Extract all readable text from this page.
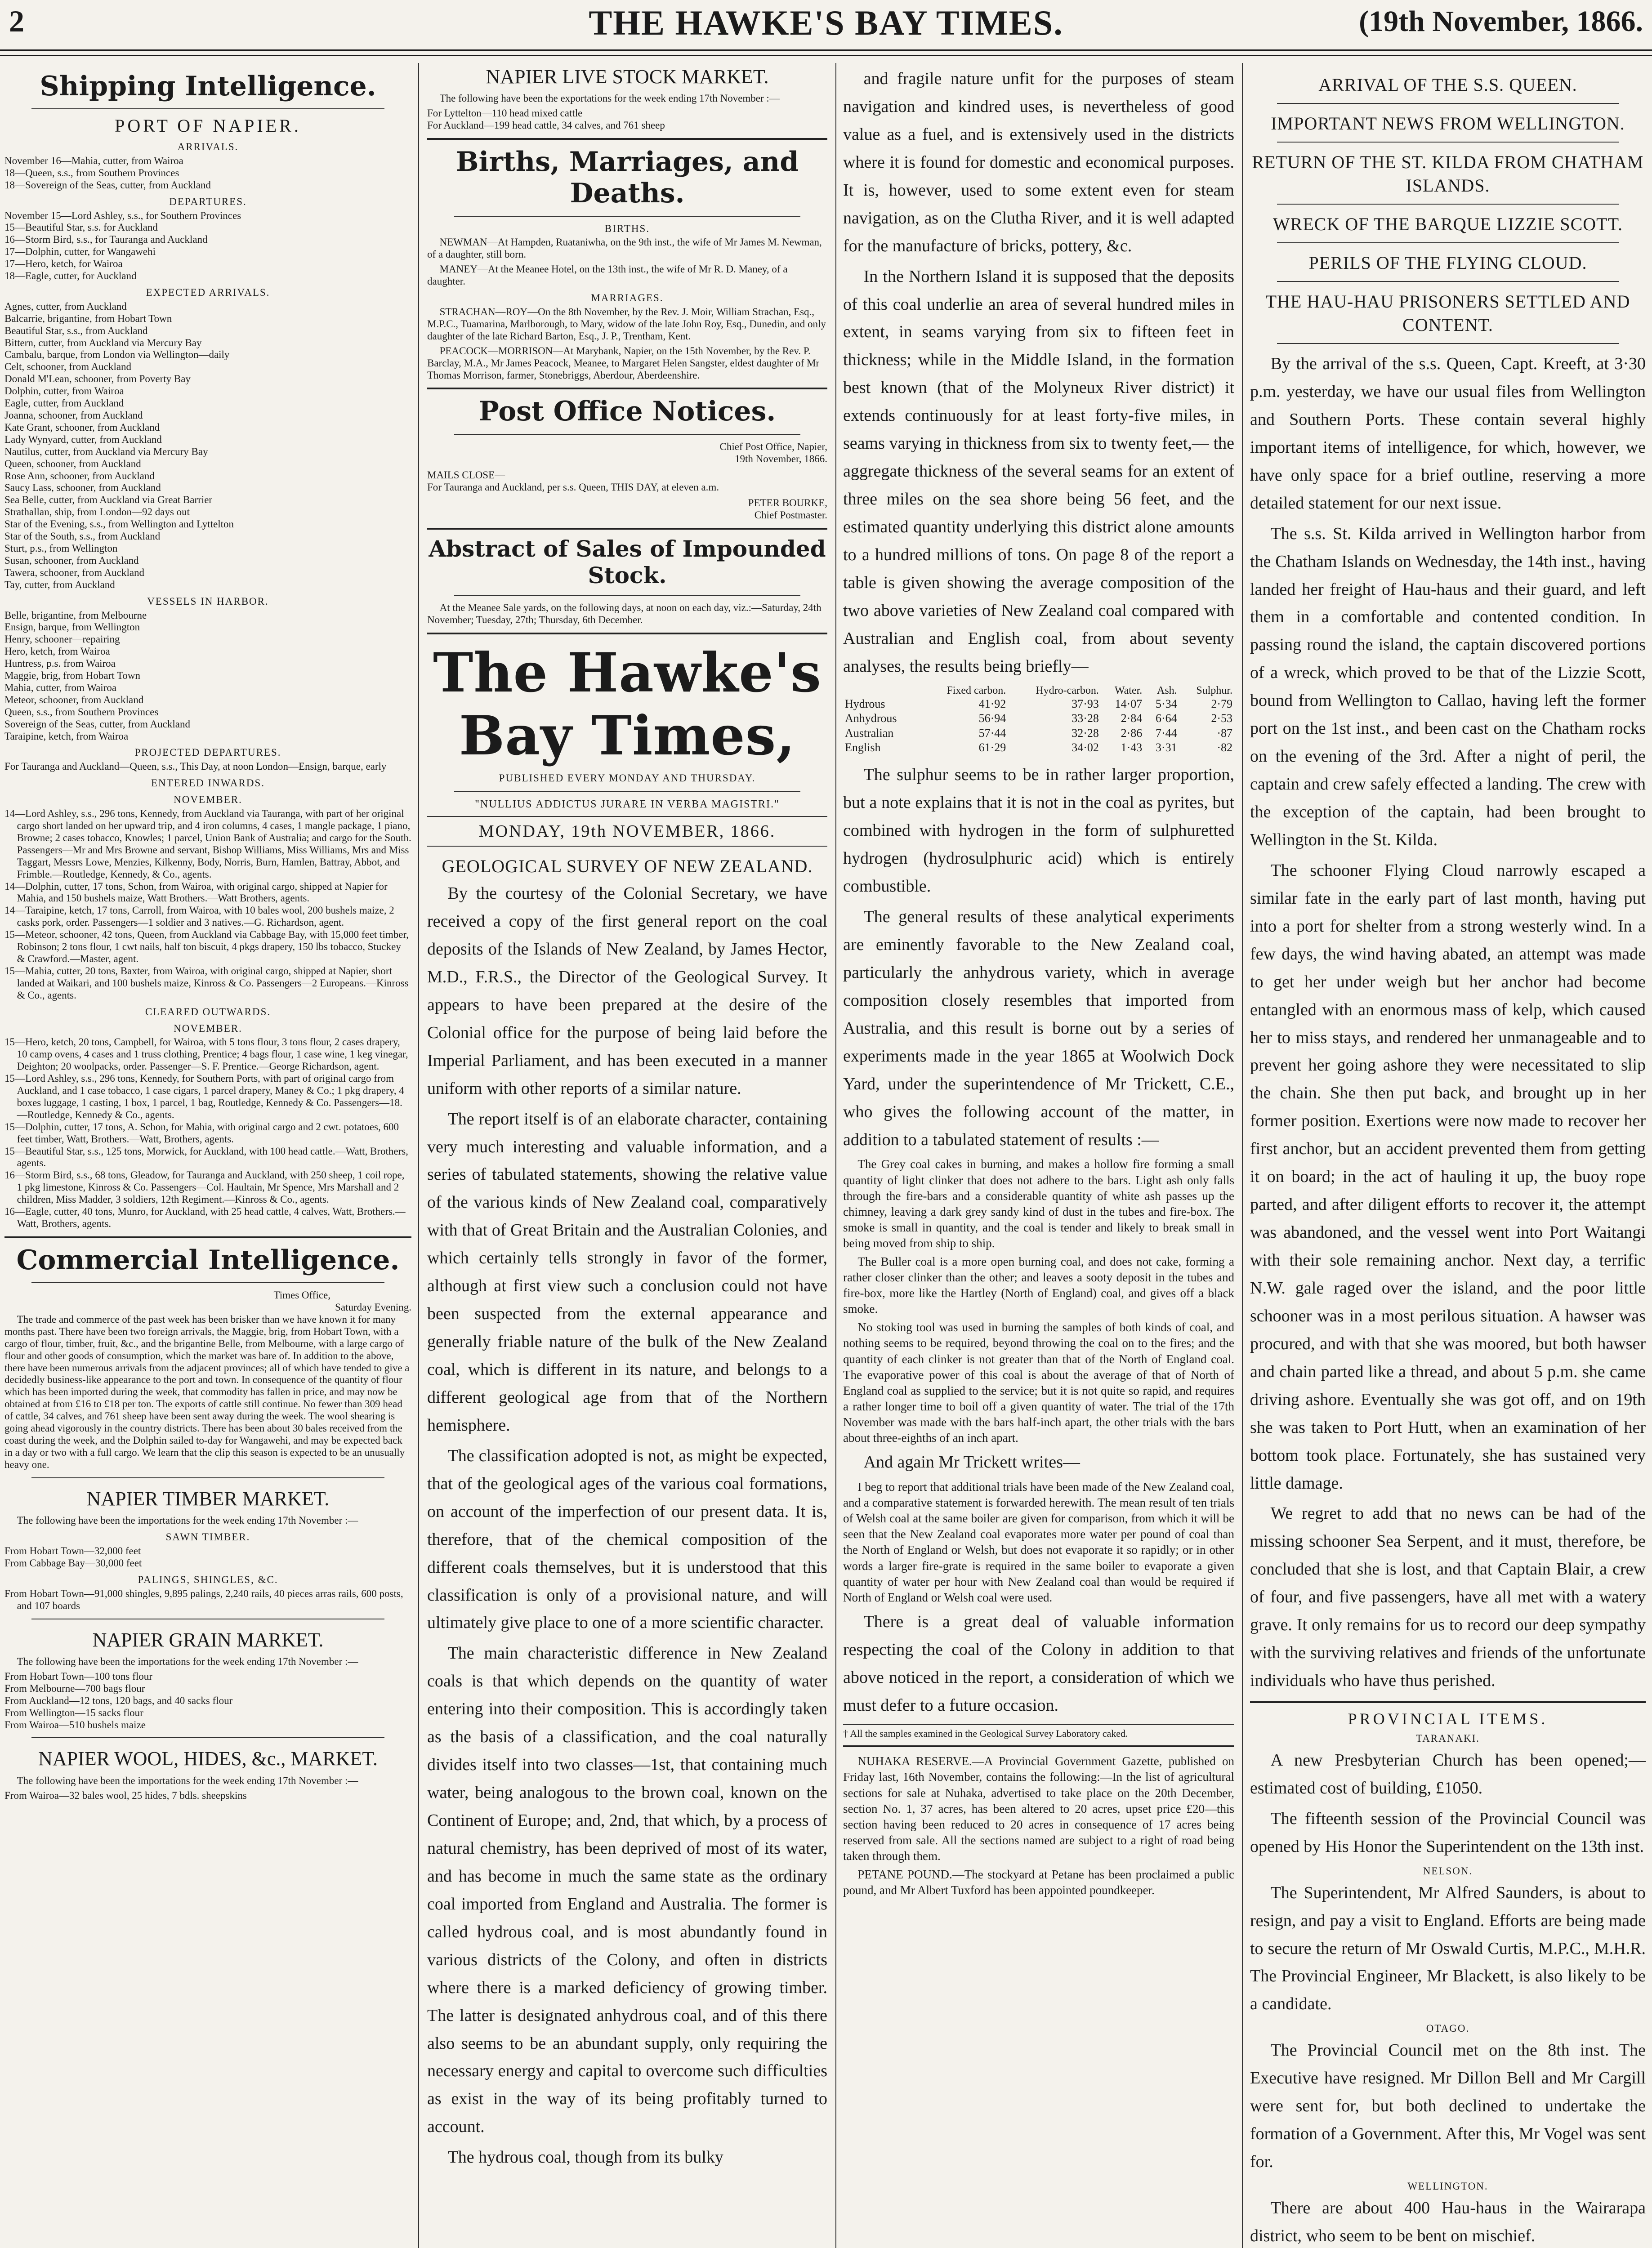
2	THE HAWKE'S BAY TIMES.	(19th November, 1866.
Shipping Intelligence.
PORT OF NAPIER.
ARRIVALS.
November 16—Mahia, cutter, from Wairoa
18—Queen, s.s., from Southern Provinces
18—Sovereign of the Seas, cutter, from Auckland
DEPARTURES.
November 15—Lord Ashley, s.s., for Southern Provinces
15—Beautiful Star, s.s. for Auckland
16—Storm Bird, s.s., for Tauranga and Auckland
17—Dolphin, cutter, for Wangawehi
17—Hero, ketch, for Wairoa
18—Eagle, cutter, for Auckland
EXPECTED ARRIVALS.
Agnes, cutter, from Auckland
Balcarrie, brigantine, from Hobart Town
Beautiful Star, s.s., from Auckland
Bittern, cutter, from Auckland via Mercury Bay
Cambalu, barque, from London via Wellington—daily
Celt, schooner, from Auckland
Donald M'Lean, schooner, from Poverty Bay
Dolphin, cutter, from Wairoa
Eagle, cutter, from Auckland
Joanna, schooner, from Auckland
Kate Grant, schooner, from Auckland
Lady Wynyard, cutter, from Auckland
Nautilus, cutter, from Auckland via Mercury Bay
Queen, schooner, from Auckland
Rose Ann, schooner, from Auckland
Saucy Lass, schooner, from Auckland
Sea Belle, cutter, from Auckland via Great Barrier
Strathallan, ship, from London—92 days out
Star of the Evening, s.s., from Wellington and Lyttelton
Star of the South, s.s., from Auckland
Sturt, p.s., from Wellington
Susan, schooner, from Auckland
Tawera, schooner, from Auckland
Tay, cutter, from Auckland
VESSELS IN HARBOR.
Belle, brigantine, from Melbourne
Ensign, barque, from Wellington
Henry, schooner—repairing
Hero, ketch, from Wairoa
Huntress, p.s. from Wairoa
Maggie, brig, from Hobart Town
Mahia, cutter, from Wairoa
Meteor, schooner, from Auckland
Queen, s.s., from Southern Provinces
Sovereign of the Seas, cutter, from Auckland
Taraipine, ketch, from Wairoa
PROJECTED DEPARTURES.
For Tauranga and Auckland—Queen, s.s., This Day, at noon London—Ensign, barque, early
ENTERED INWARDS.
NOVEMBER.
14—Lord Ashley, s.s., 296 tons, Kennedy, from Auckland via Tauranga, with part of her original cargo short landed on her upward trip, and 4 iron columns, 4 cases, 1 mangle package, 1 piano, Browne; 2 cases tobacco, Knowles; 1 parcel, Union Bank of Australia; and cargo for the South. Passengers—Mr and Mrs Browne and servant, Bishop Williams, Miss Williams, Mrs and Miss Taggart, Messrs Lowe, Menzies, Kilkenny, Body, Norris, Burn, Hamlen, Battray, Abbot, and Frimble.—Routledge, Kennedy, & Co., agents.
14—Dolphin, cutter, 17 tons, Schon, from Wairoa, with original cargo, shipped at Napier for Mahia, and 150 bushels maize, Watt Brothers.—Watt Brothers, agents.
14—Taraipine, ketch, 17 tons, Carroll, from Wairoa, with 10 bales wool, 200 bushels maize, 2 casks pork, order. Passengers—1 soldier and 3 natives.—G. Richardson, agent.
15—Meteor, schooner, 42 tons, Queen, from Auckland via Cabbage Bay, with 15,000 feet timber, Robinson; 2 tons flour, 1 cwt nails, half ton biscuit, 4 pkgs drapery, 150 lbs tobacco, Stuckey & Crawford.—Master, agent.
15—Mahia, cutter, 20 tons, Baxter, from Wairoa, with original cargo, shipped at Napier, short landed at Waikari, and 100 bushels maize, Kinross & Co. Passengers—2 Europeans.—Kinross & Co., agents.
CLEARED OUTWARDS.
NOVEMBER.
15—Hero, ketch, 20 tons, Campbell, for Wairoa, with 5 tons flour, 3 tons flour, 2 cases drapery, 10 camp ovens, 4 cases and 1 truss clothing, Prentice; 4 bags flour, 1 case wine, 1 keg vinegar, Deighton; 20 woolpacks, order. Passenger—S. F. Prentice.—George Richardson, agent.
15—Lord Ashley, s.s., 296 tons, Kennedy, for Southern Ports, with part of original cargo from Auckland, and 1 case tobacco, 1 case cigars, 1 parcel drapery, Maney & Co.; 1 pkg drapery, 4 boxes luggage, 1 casting, 1 box, 1 parcel, 1 bag, Routledge, Kennedy & Co. Passengers—18.—Routledge, Kennedy & Co., agents.
15—Dolphin, cutter, 17 tons, A. Schon, for Mahia, with original cargo and 2 cwt. potatoes, 600 feet timber, Watt, Brothers.—Watt, Brothers, agents.
15—Beautiful Star, s.s., 125 tons, Morwick, for Auckland, with 100 head cattle.—Watt, Brothers, agents.
16—Storm Bird, s.s., 68 tons, Gleadow, for Tauranga and Auckland, with 250 sheep, 1 coil rope, 1 pkg limestone, Kinross & Co. Passengers—Col. Haultain, Mr Spence, Mrs Marshall and 2 children, Miss Madder, 3 soldiers, 12th Regiment.—Kinross & Co., agents.
16—Eagle, cutter, 40 tons, Munro, for Auckland, with 25 head cattle, 4 calves, Watt, Brothers.—Watt, Brothers, agents.
Commercial Intelligence.
Times Office,
Saturday Evening.

The trade and commerce of the past week has been brisker than we have known it for many months past. There have been two foreign arrivals, the Maggie, brig, from Hobart Town, with a cargo of flour, timber, fruit, &c., and the brigantine Belle, from Melbourne, with a large cargo of flour and other goods of consumption, which the market was bare of. In addition to the above, there have been numerous arrivals from the adjacent provinces; all of which have tended to give a decidedly business-like appearance to the port and town. In consequence of the quantity of flour which has been imported during the week, that commodity has fallen in price, and may now be obtained at from £16 to £18 per ton. The exports of cattle still continue. No fewer than 309 head of cattle, 34 calves, and 761 sheep have been sent away during the week. The wool shearing is going ahead vigorously in the country districts. There has been about 30 bales received from the coast during the week, and the Dolphin sailed to-day for Wangawehi, and may be expected back in a day or two with a full cargo. We learn that the clip this season is expected to be an unusually heavy one.

NAPIER TIMBER MARKET.

The following have been the importations for the week ending 17th November :—

SAWN TIMBER.
From Hobart Town—32,000 feet
From Cabbage Bay—30,000 feet
PALINGS, SHINGLES, &C.
From Hobart Town—91,000 shingles, 9,895 palings, 2,240 rails, 40 pieces arras rails, 600 posts, and 107 boards
NAPIER GRAIN MARKET.

The following have been the importations for the week ending 17th November :—

From Hobart Town—100 tons flour
From Melbourne—700 bags flour
From Auckland—12 tons, 120 bags, and 40 sacks flour
From Wellington—15 sacks flour
From Wairoa—510 bushels maize
NAPIER WOOL, HIDES, &c., MARKET.

The following have been the importations for the week ending 17th November :—

From Wairoa—32 bales wool, 25 hides, 7 bdls. sheepskins
NAPIER LIVE STOCK MARKET.

The following have been the exportations for the week ending 17th November :—

For Lyttelton—110 head mixed cattle
For Auckland—199 head cattle, 34 calves, and 761 sheep
Births, Marriages, and Deaths.
BIRTHS.

NEWMAN—At Hampden, Ruataniwha, on the 9th inst., the wife of Mr James M. Newman, of a daughter, still born.

MANEY—At the Meanee Hotel, on the 13th inst., the wife of Mr R. D. Maney, of a daughter.

MARRIAGES.

STRACHAN—ROY—On the 8th November, by the Rev. J. Moir, William Strachan, Esq., M.P.C., Tuamarina, Marlborough, to Mary, widow of the late John Roy, Esq., Dunedin, and only daughter of the late Richard Barton, Esq., J. P., Trentham, Kent.

PEACOCK—MORRISON—At Marybank, Napier, on the 15th November, by the Rev. P. Barclay, M.A., Mr James Peacock, Meanee, to Margaret Helen Sangster, eldest daughter of Mr Thomas Morrison, farmer, Stonebriggs, Aberdour, Aberdeenshire.

Post Office Notices.
Chief Post Office, Napier,
19th November, 1866.
MAILS CLOSE—
For Tauranga and Auckland, per s.s. Queen, THIS DAY, at eleven a.m.
PETER BOURKE,
Chief Postmaster.
Abstract of Sales of Impounded Stock.

At the Meanee Sale yards, on the following days, at noon on each day, viz.:—Saturday, 24th November; Tuesday, 27th; Thursday, 6th December.

The Hawke's Bay Times,
PUBLISHED EVERY MONDAY AND THURSDAY.
"NULLIUS ADDICTUS JURARE IN VERBA MAGISTRI."
MONDAY, 19th NOVEMBER, 1866.
GEOLOGICAL SURVEY OF NEW ZEALAND.

By the courtesy of the Colonial Secretary, we have received a copy of the first general report on the coal deposits of the Islands of New Zealand, by James Hector, M.D., F.R.S., the Director of the Geological Survey. It appears to have been prepared at the desire of the Colonial office for the purpose of being laid before the Imperial Parliament, and has been executed in a manner uniform with other reports of a similar nature.

The report itself is of an elaborate character, containing very much interesting and valuable information, and a series of tabulated statements, showing the relative value of the various kinds of New Zealand coal, comparatively with that of Great Britain and the Australian Colonies, and which certainly tells strongly in favor of the former, although at first view such a conclusion could not have been suspected from the external appearance and generally friable nature of the bulk of the New Zealand coal, which is different in its nature, and belongs to a different geological age from that of the Northern hemisphere.

The classification adopted is not, as might be expected, that of the geological ages of the various coal formations, on account of the imperfection of our present data. It is, therefore, that of the chemical composition of the different coals themselves, but it is understood that this classification is only of a provisional nature, and will ultimately give place to one of a more scientific character.

The main characteristic difference in New Zealand coals is that which depends on the quantity of water entering into their composition. This is accordingly taken as the basis of a classification, and the coal naturally divides itself into two classes—1st, that containing much water, being analogous to the brown coal, known on the Continent of Europe; and, 2nd, that which, by a process of natural chemistry, has been deprived of most of its water, and has become in much the same state as the ordinary coal imported from England and Australia. The former is called hydrous coal, and is most abundantly found in various districts of the Colony, and often in districts where there is a marked deficiency of growing timber. The latter is designated anhydrous coal, and of this there also seems to be an abundant supply, only requiring the necessary energy and capital to overcome such difficulties as exist in the way of its being profitably turned to account.

The hydrous coal, though from its bulky

and fragile nature unfit for the purposes of steam navigation and kindred uses, is nevertheless of good value as a fuel, and is extensively used in the districts where it is found for domestic and economical purposes. It is, however, used to some extent even for steam navigation, as on the Clutha River, and it is well adapted for the manufacture of bricks, pottery, &c.

In the Northern Island it is supposed that the deposits of this coal underlie an area of several hundred miles in extent, in seams varying from six to fifteen feet in thickness; while in the Middle Island, in the formation best known (that of the Molyneux River district) it extends continuously for at least forty-five miles, in seams varying in thickness from six to twenty feet,— the aggregate thickness of the several seams for an extent of three miles on the sea shore being 56 feet, and the estimated quantity underlying this district alone amounts to a hundred millions of tons. On page 8 of the report a table is given showing the average composition of the two above varieties of New Zealand coal compared with Australian and English coal, from about seventy analyses, the results being briefly—

	Fixed carbon.	Hydro-carbon.	Water.	Ash.	Sulphur.
Hydrous	41·92	37·93	14·07	5·34	2·79
Anhydrous	56·94	33·28	2·84	6·64	2·53
Australian	57·44	32·28	2·86	7·44	·87
English	61·29	34·02	1·43	3·31	·82

The sulphur seems to be in rather larger proportion, but a note explains that it is not in the coal as pyrites, but combined with hydrogen in the form of sulphuretted hydrogen (hydrosulphuric acid) which is entirely combustible.

The general results of these analytical experiments are eminently favorable to the New Zealand coal, particularly the anhydrous variety, which in average composition closely resembles that imported from Australia, and this result is borne out by a series of experiments made in the year 1865 at Woolwich Dock Yard, under the superintendence of Mr Trickett, C.E., who gives the following account of the matter, in addition to a tabulated statement of results :—

The Grey coal cakes in burning, and makes a hollow fire forming a small quantity of light clinker that does not adhere to the bars. Light ash only falls through the fire-bars and a considerable quantity of white ash passes up the chimney, leaving a dark grey sandy kind of dust in the tubes and fire-box. The smoke is small in quantity, and the coal is tender and likely to break small in being moved from ship to ship.

The Buller coal is a more open burning coal, and does not cake, forming a rather closer clinker than the other; and leaves a sooty deposit in the tubes and fire-box, more like the Hartley (North of England) coal, and gives off a black smoke.

No stoking tool was used in burning the samples of both kinds of coal, and nothing seems to be required, beyond throwing the coal on to the fires; and the quantity of each clinker is not greater than that of the North of England coal. The evaporative power of this coal is about the average of that of North of England coal as supplied to the service; but it is not quite so rapid, and requires a rather longer time to boil off a given quantity of water. The trial of the 17th November was made with the bars half-inch apart, the other trials with the bars about three-eighths of an inch apart.

And again Mr Trickett writes—

I beg to report that additional trials have been made of the New Zealand coal, and a comparative statement is forwarded herewith. The mean result of ten trials of Welsh coal at the same boiler are given for comparison, from which it will be seen that the New Zealand coal evaporates more water per pound of coal than the North of England or Welsh, but does not evaporate it so rapidly; or in other words a larger fire-grate is required in the same boiler to evaporate a given quantity of water per hour with New Zealand coal than would be required if North of England or Welsh coal were used.

There is a great deal of valuable information respecting the coal of the Colony in addition to that above noticed in the report, a consideration of which we must defer to a future occasion.

† All the samples examined in the Geological Survey Laboratory caked.

NUHAKA RESERVE.—A Provincial Government Gazette, published on Friday last, 16th November, contains the following:—In the list of agricultural sections for sale at Nuhaka, advertised to take place on the 20th December, section No. 1, 37 acres, has been altered to 20 acres, upset price £20—this section having been reduced to 20 acres in consequence of 17 acres being reserved from sale. All the sections named are subject to a right of road being taken through them.

PETANE POUND.—The stockyard at Petane has been proclaimed a public pound, and Mr Albert Tuxford has been appointed poundkeeper.

ARRIVAL OF THE S.S. QUEEN.
IMPORTANT NEWS FROM WELLINGTON.
RETURN OF THE ST. KILDA FROM CHATHAM ISLANDS.
WRECK OF THE BARQUE LIZZIE SCOTT.
PERILS OF THE FLYING CLOUD.
THE HAU-HAU PRISONERS SETTLED AND CONTENT.

By the arrival of the s.s. Queen, Capt. Kreeft, at 3·30 p.m. yesterday, we have our usual files from Wellington and Southern Ports. These contain several highly important items of intelligence, for which, however, we have only space for a brief outline, reserving a more detailed statement for our next issue.

The s.s. St. Kilda arrived in Wellington harbor from the Chatham Islands on Wednesday, the 14th inst., having landed her freight of Hau-haus and their guard, and left them in a comfortable and contented condition. In passing round the island, the captain discovered portions of a wreck, which proved to be that of the Lizzie Scott, bound from Wellington to Callao, having left the former port on the 1st inst., and been cast on the Chatham rocks on the evening of the 3rd. After a night of peril, the captain and crew safely effected a landing. The crew with the exception of the captain, had been brought to Wellington in the St. Kilda.

The schooner Flying Cloud narrowly escaped a similar fate in the early part of last month, having put into a port for shelter from a strong westerly wind. In a few days, the wind having abated, an attempt was made to get her under weigh but her anchor had become entangled with an enormous mass of kelp, which caused her to miss stays, and rendered her unmanageable and to prevent her going ashore they were necessitated to slip the chain. She then put back, and brought up in her former position. Exertions were now made to recover her first anchor, but an accident prevented them from getting it on board; in the act of hauling it up, the buoy rope parted, and after diligent efforts to recover it, the attempt was abandoned, and the vessel went into Port Waitangi with their sole remaining anchor. Next day, a terrific N.W. gale raged over the island, and the poor little schooner was in a most perilous situation. A hawser was procured, and with that she was moored, but both hawser and chain parted like a thread, and about 5 p.m. she came driving ashore. Eventually she was got off, and on 19th she was taken to Port Hutt, when an examination of her bottom took place. Fortunately, she has sustained very little damage.

We regret to add that no news can be had of the missing schooner Sea Serpent, and it must, therefore, be concluded that she is lost, and that Captain Blair, a crew of four, and five passengers, have all met with a watery grave. It only remains for us to record our deep sympathy with the surviving relatives and friends of the unfortunate individuals who have thus perished.

PROVINCIAL ITEMS.
TARANAKI.

A new Presbyterian Church has been opened;—estimated cost of building, £1050.

The fifteenth session of the Provincial Council was opened by His Honor the Superintendent on the 13th inst.

NELSON.

The Superintendent, Mr Alfred Saunders, is about to resign, and pay a visit to England. Efforts are being made to secure the return of Mr Oswald Curtis, M.P.C., M.H.R. The Provincial Engineer, Mr Blackett, is also likely to be a candidate.

OTAGO.

The Provincial Council met on the 8th inst. The Executive have resigned. Mr Dillon Bell and Mr Cargill were sent for, but both declined to undertake the formation of a Government. After this, Mr Vogel was sent for.

WELLINGTON.

There are about 400 Hau-haus in the Wairarapa district, who seem to be bent on mischief.
